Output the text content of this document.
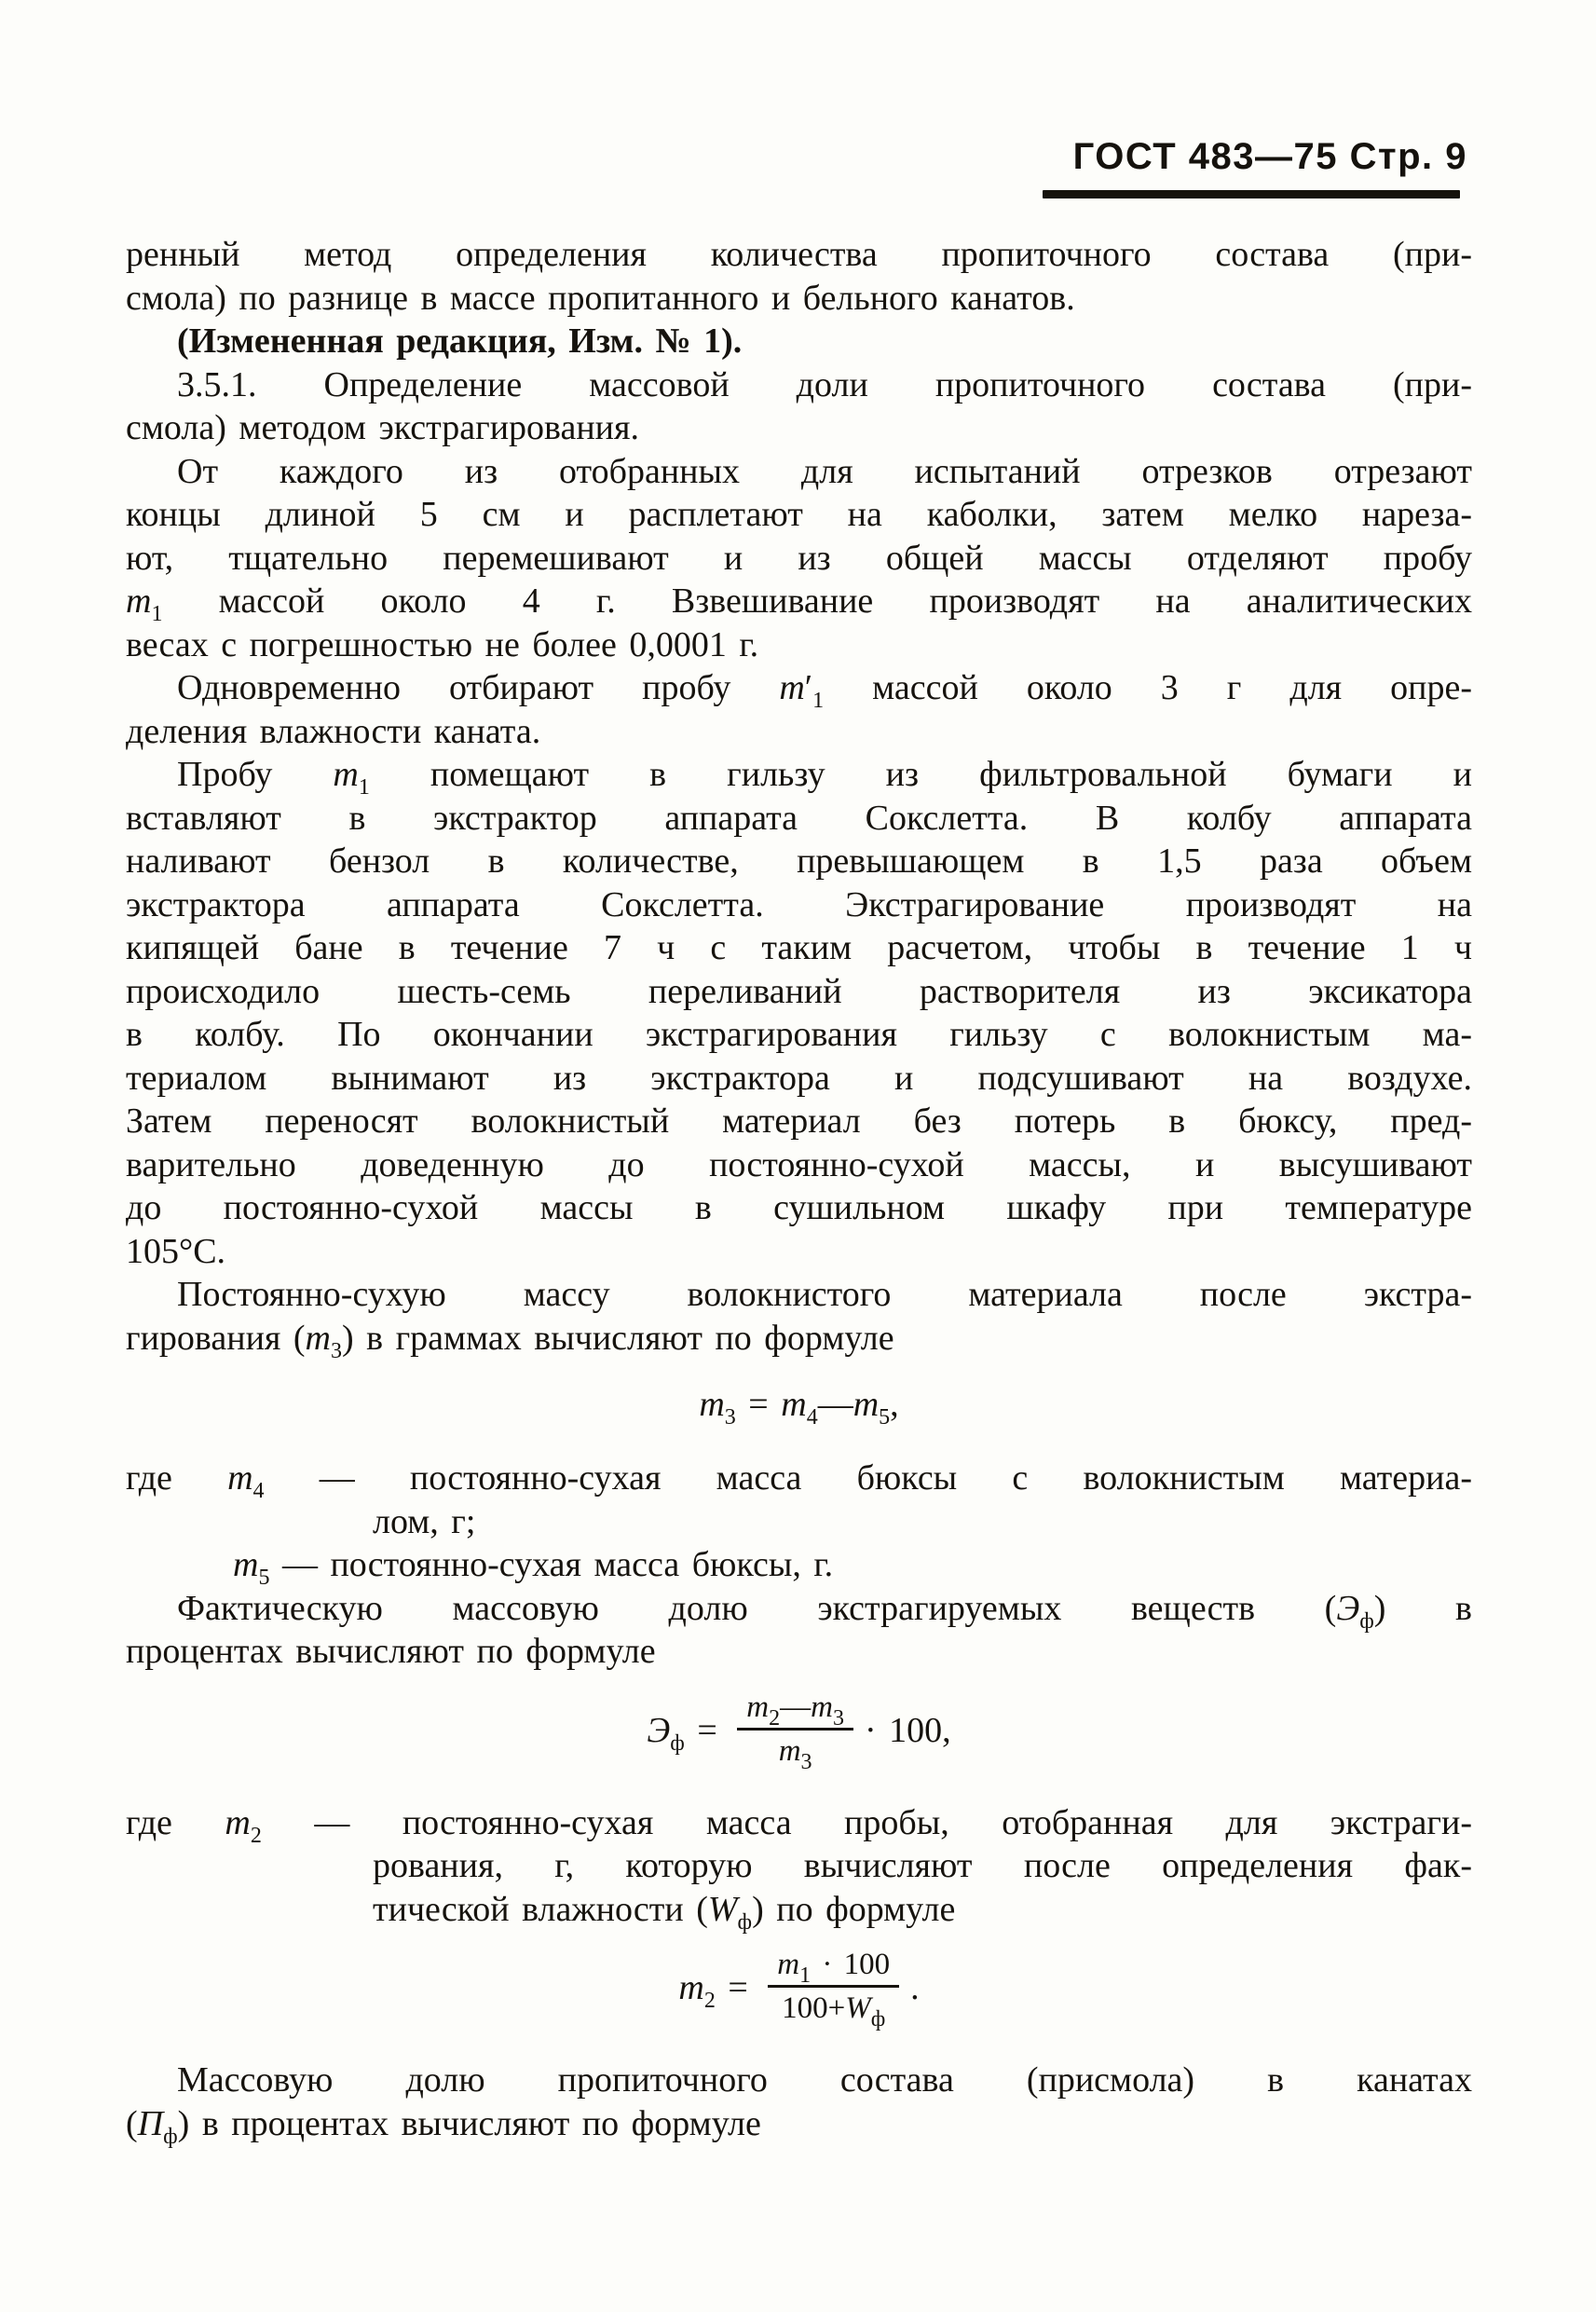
ГОСТ 483—75 Стр. 9
ренный метод определения количества пропиточного состава (при-
смола) по разнице в массе пропитанного и бельного канатов.
(Измененная редакция, Изм. № 1).
3.5.1. Определение массовой доли пропиточного состава (при-
смола) методом экстрагирования.
От каждого из отобранных для испытаний отрезков отрезают
концы длиной 5 см и расплетают на каболки, затем мелко нареза-
ют, тщательно перемешивают и из общей массы отделяют пробу
$m_1$ массой около 4 г. Взвешивание производят на аналитических
весах с погрешностью не более 0,0001 г.
Одновременно отбирают пробу $m'_1$ массой около 3 г для опре-
деления влажности каната.
Пробу $m_1$ помещают в гильзу из фильтровальной бумаги и
вставляют в экстрактор аппарата Сокслетта. В колбу аппарата
наливают бензол в количестве, превышающем в 1,5 раза объем
экстрактора аппарата Сокслетта. Экстрагирование производят на
кипящей бане в течение 7 ч с таким расчетом, чтобы в течение 1 ч
происходило шесть-семь переливаний растворителя из эксикатора
в колбу. По окончании экстрагирования гильзу с волокнистым ма-
териалом вынимают из экстрактора и подсушивают на воздухе.
Затем переносят волокнистый материал без потерь в бюксу, пред-
варительно доведенную до постоянно-сухой массы, и высушивают
до постоянно-сухой массы в сушильном шкафу при температуре
105°С.
Постоянно-сухую массу волокнистого материала после экстра-
гирования $(m_3)$ в граммах вычисляют по формуле
$m_3$ = $m_4—m_5$,
где $m_4$ — постоянно-сухая масса бюксы с волокнистым материа-
лом, г;
$m_5$ — постоянно-сухая масса бюксы, г.
Фактическую массовую долю экстрагируемых веществ $(Э_ф)$ в
процентах вычисляют по формуле
$Э_ф = \frac{m_2—m_3}{m_3} \cdot 100$,
где $m_2$ — постоянно-сухая масса пробы, отобранная для экстраги-
рования, г, которую вычисляют после определения фак-
тической влажности $(W_ф)$ по формуле
$m_2 = \frac{m_1 \cdot 100}{100+W_ф}$ .
Массовую долю пропиточного состава (присмола) в канатах
$(П_ф)$ в процентах вычисляют по формуле
